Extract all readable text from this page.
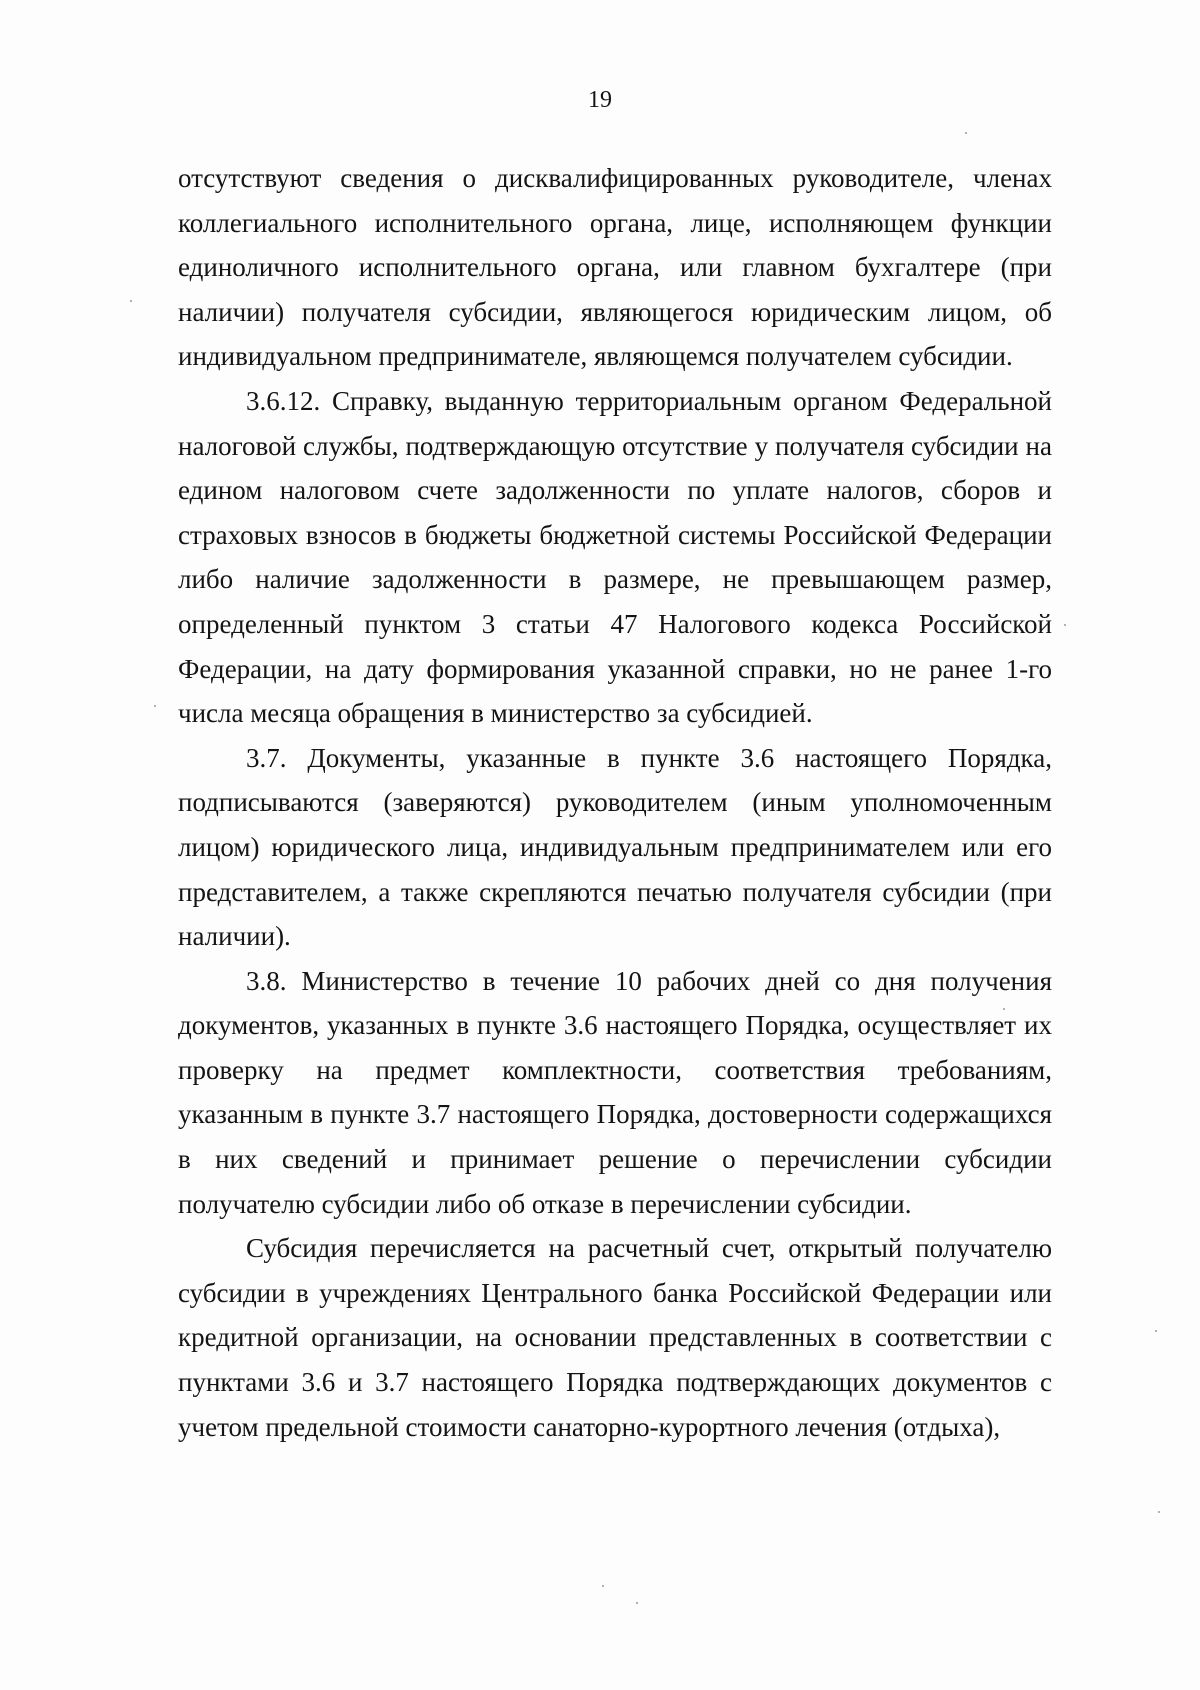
19

отсутствуют сведения о дисквалифицированных руководителе, членах коллегиального исполнительного органа, лице, исполняющем функции единоличного исполнительного органа, или главном бухгалтере (при наличии) получателя субсидии, являющегося юридическим лицом, об индивидуальном предпринимателе, являющемся получателем субсидии.

3.6.12. Справку, выданную территориальным органом Федеральной налоговой службы, подтверждающую отсутствие у получателя субсидии на едином налоговом счете задолженности по уплате налогов, сборов и страховых взносов в бюджеты бюджетной системы Российской Федерации либо наличие задолженности в размере, не превышающем размер, определенный пунктом 3 статьи 47 Налогового кодекса Российской Федерации, на дату формирования указанной справки, но не ранее 1-го числа месяца обращения в министерство за субсидией.

3.7. Документы, указанные в пункте 3.6 настоящего Порядка, подписываются (заверяются) руководителем (иным уполномоченным лицом) юридического лица, индивидуальным предпринимателем или его представителем, а также скрепляются печатью получателя субсидии (при наличии).

3.8. Министерство в течение 10 рабочих дней со дня получения документов, указанных в пункте 3.6 настоящего Порядка, осуществляет их проверку на предмет комплектности, соответствия требованиям, указанным в пункте 3.7 настоящего Порядка, достоверности содержащихся в них сведений и принимает решение о перечислении субсидии получателю субсидии либо об отказе в перечислении субсидии.

Субсидия перечисляется на расчетный счет, открытый получателю субсидии в учреждениях Центрального банка Российской Федерации или кредитной организации, на основании представленных в соответствии с пунктами 3.6 и 3.7 настоящего Порядка подтверждающих документов с учетом предельной стоимости санаторно-курортного лечения (отдыха),
